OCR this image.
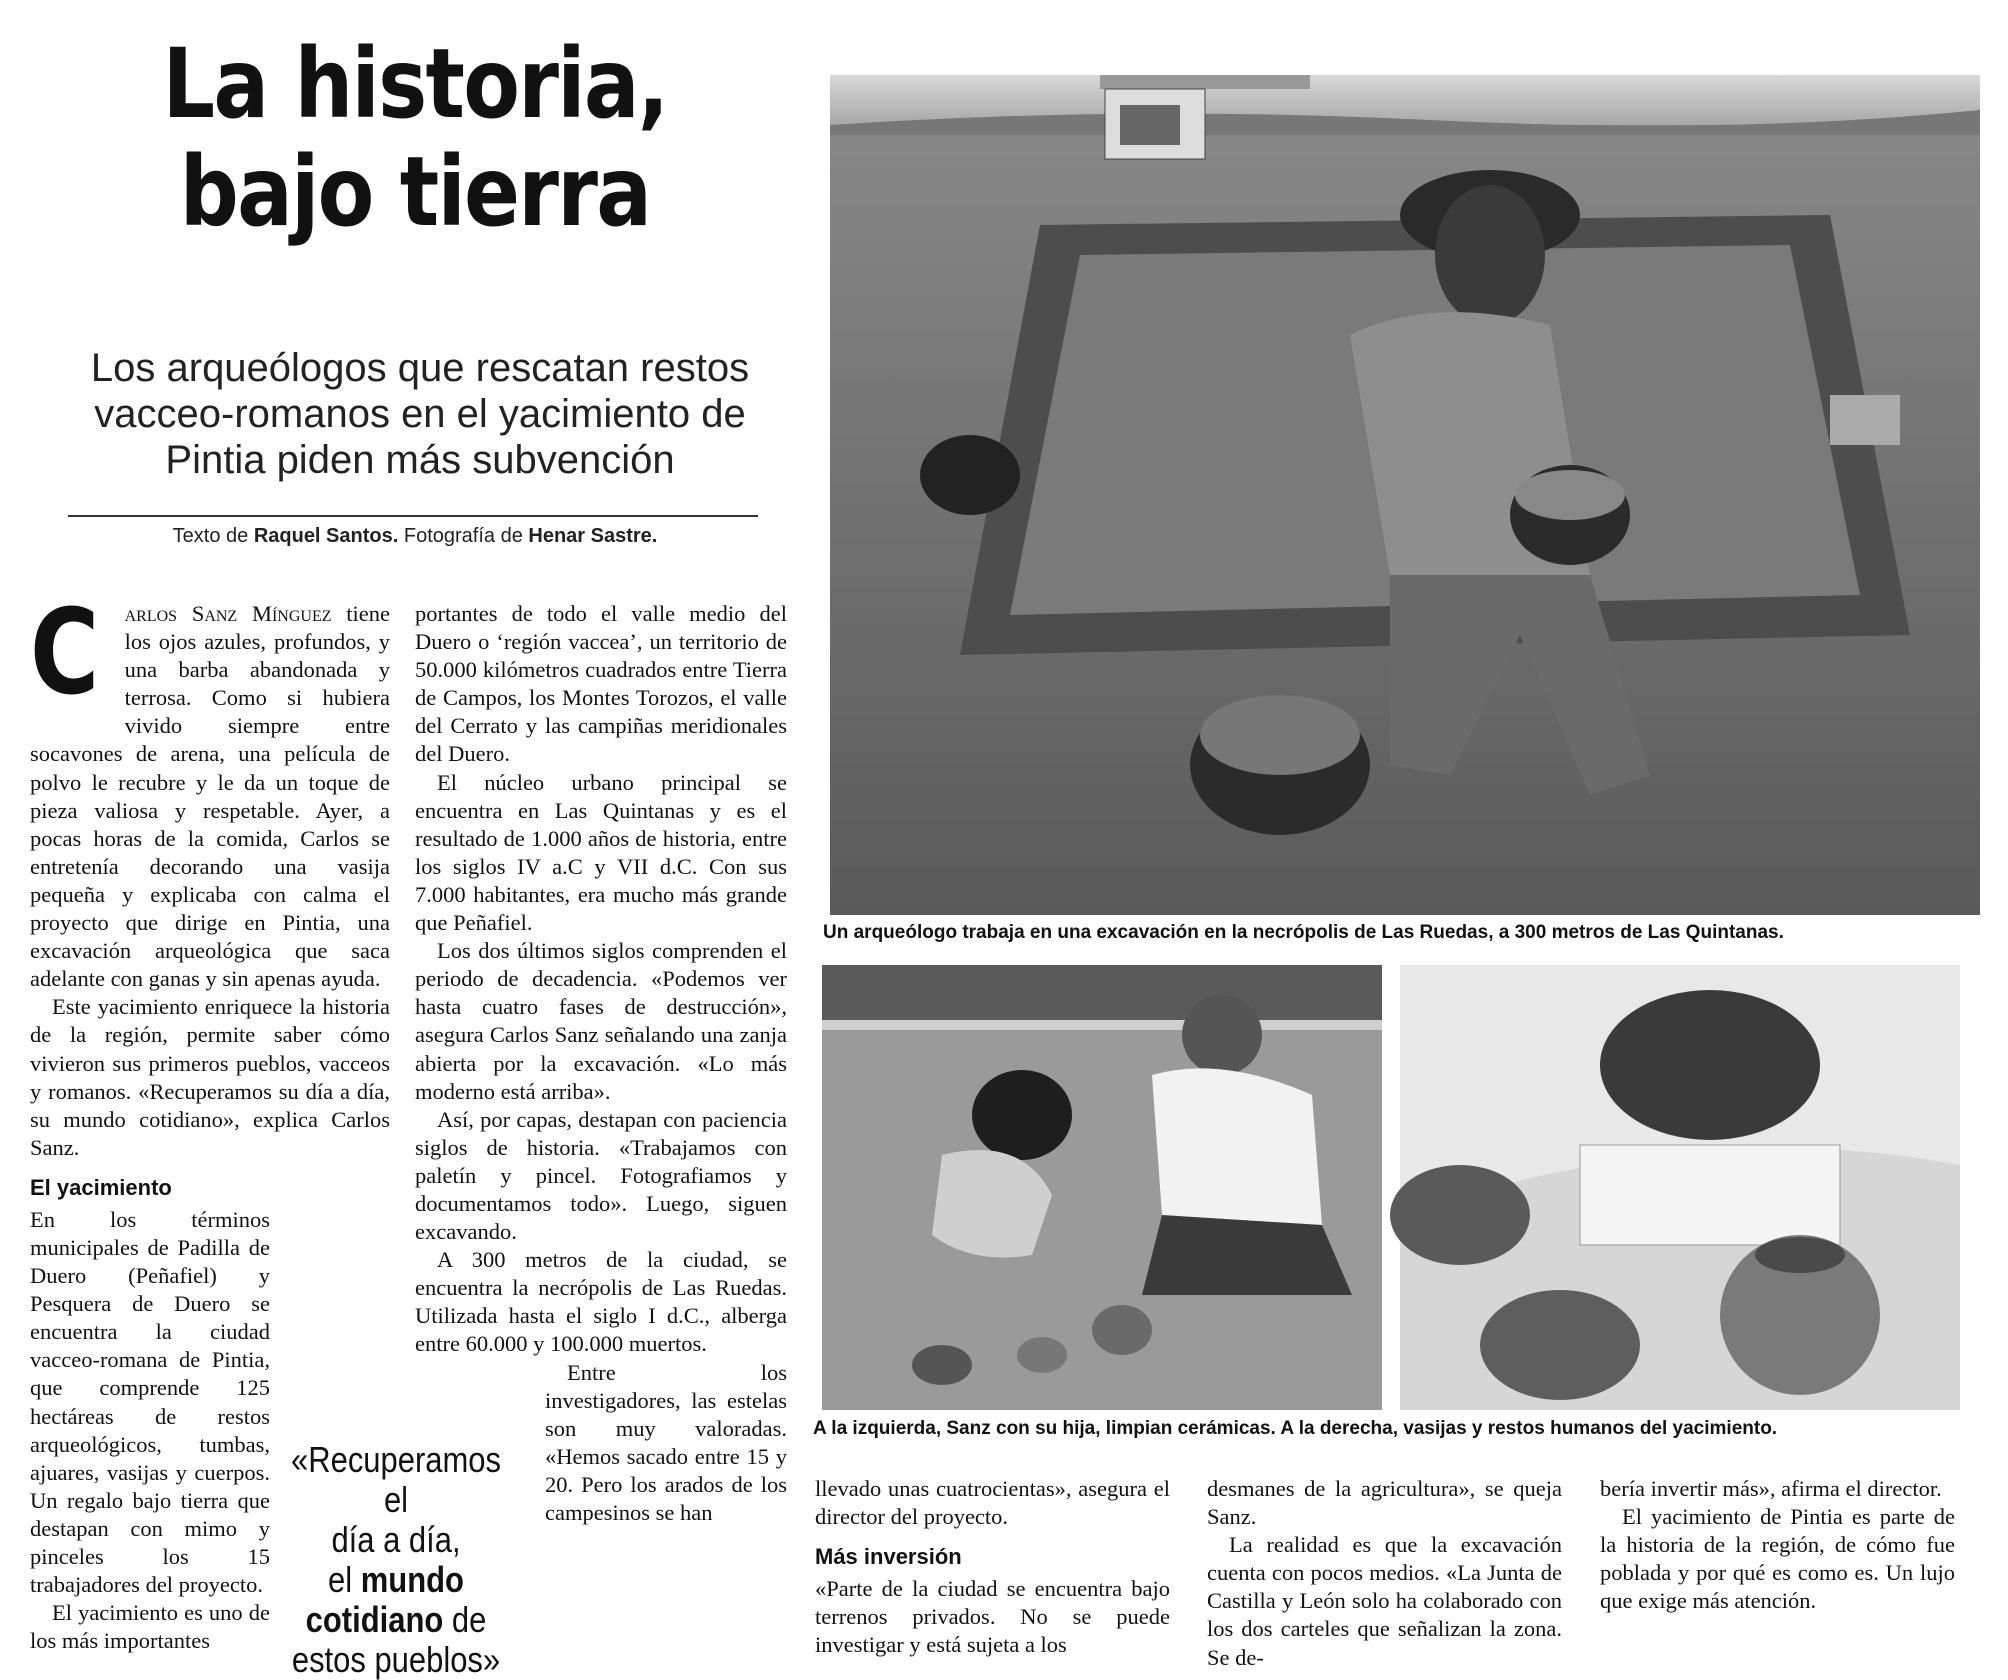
La historia,
bajo tierra
Los arqueólogos que rescatan restos
vacceo-romanos en el yacimiento de
Pintia piden más subvención
Texto de Raquel Santos. Fotografía de Henar Sastre.
C	arlos Sanz Mínguez tiene los ojos azules, profundos, y una barba abandonada y terrosa. Como si hubiera vivido siempre entre socavones de arena, una película de polvo le recubre y le da un toque de pieza valiosa y respetable. Ayer, a pocas horas de la comida, Carlos se entretenía decorando una vasija pequeña y explicaba con calma el proyecto que dirige en Pintia, una excavación arqueológica que saca adelante con ganas y sin apenas ayuda.

Este yacimiento enriquece la historia de la región, permite saber cómo vivieron sus primeros pueblos, vacceos y romanos. «Recuperamos su día a día, su mundo cotidiano», explica Carlos Sanz.

El yacimiento

En los términos municipales de Padilla de Duero (Peñafiel) y Pesquera de Duero se encuentra la ciudad vacceo-romana de Pintia, que comprende 125 hectáreas de restos arqueológicos, tumbas, ajuares, vasijas y cuerpos. Un regalo bajo tierra que destapan con mimo y pinceles los 15 trabajadores del proyecto.

El yacimiento es uno de los más importantes

portantes de todo el valle medio del Duero o ‘región vaccea’, un territorio de 50.000 kilómetros cuadrados entre Tierra de Campos, los Montes Torozos, el valle del Cerrato y las campiñas meridionales del Duero.

El núcleo urbano principal se encuentra en Las Quintanas y es el resultado de 1.000 años de historia, entre los siglos IV a.C y VII d.C. Con sus 7.000 habitantes, era mucho más grande que Peñafiel.

Los dos últimos siglos comprenden el periodo de decadencia. «Podemos ver hasta cuatro fases de destrucción», asegura Carlos Sanz señalando una zanja abierta por la excavación. «Lo más moderno está arriba».

Así, por capas, destapan con paciencia siglos de historia. «Trabajamos con paletín y pincel. Fotografiamos y documentamos todo». Luego, siguen excavando.

A 300 metros de la ciudad, se encuentra la necrópolis de Las Ruedas. Utilizada hasta el siglo I d.C., alberga entre 60.000 y 100.000 muertos.

Entre los investigadores, las estelas son muy valoradas. «Hemos sacado entre 15 y 20. Pero los arados de los campesinos se han

«Recuperamos el
día a día,
el mundo
cotidiano de
estos pueblos»
Un arqueólogo trabaja en una excavación en la necrópolis de Las Ruedas, a 300 metros de Las Quintanas.
A la izquierda, Sanz con su hija, limpian cerámicas. A la derecha, vasijas y restos humanos del yacimiento.

llevado unas cuatrocientas», asegura el director del proyecto.

Más inversión

«Parte de la ciudad se encuentra bajo terrenos privados. No se puede investigar y está sujeta a los

desmanes de la agricultura», se queja Sanz.

La realidad es que la excavación cuenta con pocos medios. «La Junta de Castilla y León solo ha colaborado con los dos carteles que señalizan la zona. Se de-

bería invertir más», afirma el director.

El yacimiento de Pintia es parte de la historia de la región, de cómo fue poblada y por qué es como es. Un lujo que exige más atención.
